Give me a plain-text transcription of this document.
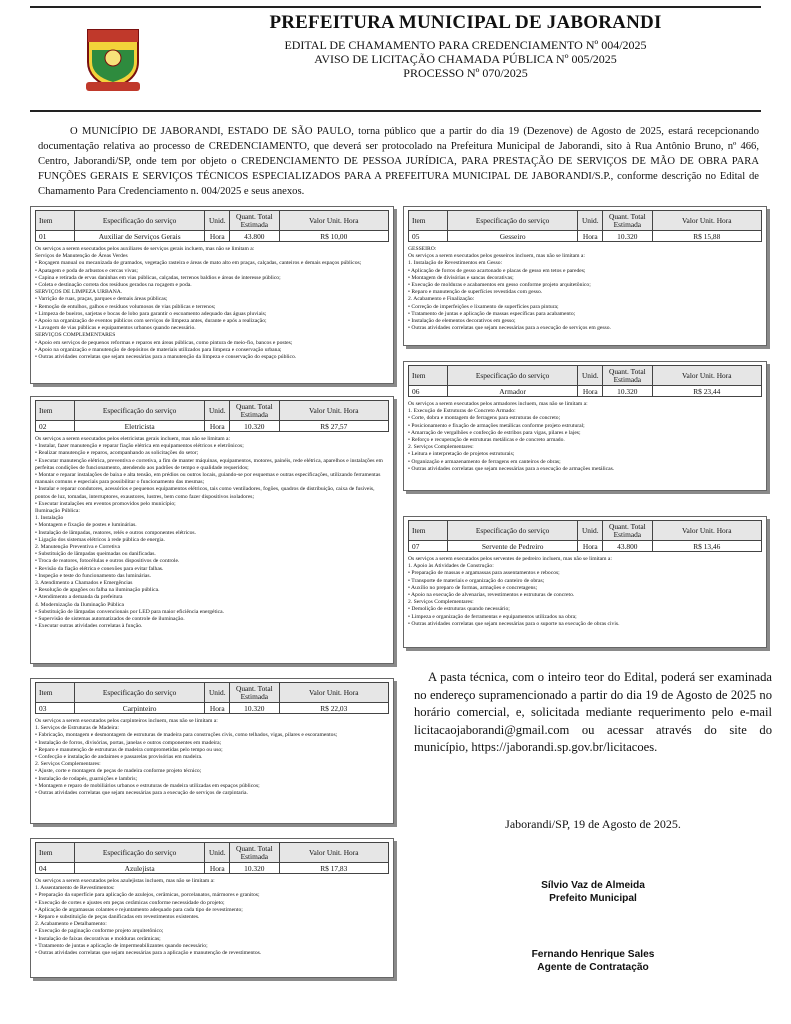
PREFEITURA MUNICIPAL DE JABORANDI
EDITAL DE CHAMAMENTO PARA CREDENCIAMENTO Nº 004/2025
AVISO DE LICITAÇÃO CHAMADA PÚBLICA Nº 005/2025
PROCESSO Nº 070/2025
O MUNICÍPIO DE JABORANDI, ESTADO DE SÃO PAULO, torna público que a partir do dia 19 (Dezenove) de Agosto de 2025, estará recepcionando documentação relativa ao processo de CREDENCIAMENTO, que deverá ser protocolado na Prefeitura Municipal de Jaborandi, sito à Rua Antônio Bruno, nº 466, Centro, Jaborandi/SP, onde tem por objeto o CREDENCIAMENTO DE PESSOA JURÍDICA, PARA PRESTAÇÃO DE SERVIÇOS DE MÃO DE OBRA PARA FUNÇÕES GERAIS E SERVIÇOS TÉCNICOS ESPECIALIZADOS PARA A PREFEITURA MUNICIPAL DE JABORANDI/S.P., conforme descrição no Edital de Chamamento Para Credenciamento n. 004/2025 e seus anexos.
Item	Especificação do serviço	Unid.	Quant. Total Estimada	Valor Unit. Hora
01	Auxiliar de Serviços Gerais	Hora	43.800	R$ 10,00
Os serviços a serem executados pelos auxiliares de serviços gerais incluem, mas não se limitam a:
Serviços de Manutenção de Áreas Verdes
• Roçagem manual ou mecanizada de gramados, vegetação rasteira e áreas de mato alto em praças, calçadas, canteiros e demais espaços públicos;
• Apatagem e poda de arbustos e cercas vivas;
• Capina e retirada de ervas daninhas em vias públicas, calçadas, terrenos baldios e áreas de interesse público;
• Coleta e destinação correta dos resíduos gerados na roçagem e poda.
SERVIÇOS DE LIMPEZA URBANA.
• Varrição de ruas, praças, parques e demais áreas públicas;
• Remoção de entulhos, galhos e resíduos volumosos de vias públicas e terrenos;
• Limpeza de bueiros, sarjetas e bocas de lobo para garantir o escoamento adequado das águas pluviais;
• Apoio na organização de eventos públicos com serviços de limpeza antes, durante e após a realização;
• Lavagem de vias públicas e equipamentos urbanos quando necessário.
SERVIÇOS COMPLEMENTARES
• Apoio em serviços de pequenos reformas e reparos em áreas públicas, como pintura de meio-fio, bancos e postes;
• Apoio na organização e manutenção de depósitos de materiais utilizados para limpeza e conservação urbana;
• Outras atividades correlatas que sejam necessárias para a manutenção da limpeza e conservação do espaço público.
Item	Especificação do serviço	Unid.	Quant. Total Estimada	Valor Unit. Hora
02	Eletricista	Hora	10.320	R$ 27,57
Os serviços a serem executados pelos eletricistas gerais incluem, mas não se limitam a:
• Instalar, fazer manutenção e reparar fiação elétrica em equipamentos elétricos e eletrônicos;
• Realizar manutenção e reparos, acompanhando as solicitações do setor;
• Executar manutenção elétrica, preventiva e corretiva, a fim de manter máquinas, equipamentos, motores, painéis, rede elétrica, aparelhos e instalações em perfeitas condições de funcionamento, atendendo aos padrões de tempo e qualidade requeridos;
• Montar e reparar instalações de baixa e alta tensão, em prédios ou outros locais, guiando-se por esquemas e outras especificações, utilizando ferramentas manuais comuns e especiais para possibilitar o funcionamento das mesmas;
• Instalar e reparar condutores, acessórios e pequenos equipamentos elétricos, tais como ventiladores, fogões, quadros de distribuição, caixa de fusíveis, pontos de luz, tomadas, interruptores, exaustores, lustres, bem como fazer dispositivos isoladores;
• Executar instalações em eventos promovidos pelo município;
Iluminação Pública:
1. Instalação
• Montagem e fixação de postes e luminárias.
• Instalação de lâmpadas, reatores, relés e outros componentes elétricos.
• Ligação dos sistemas elétricos à rede pública de energia.
2. Manutenção Preventiva e Corretiva
• Substituição de lâmpadas queimadas ou danificadas.
• Troca de reatores, fotocélulas e outros dispositivos de controle.
• Revisão da fiação elétrica e conexões para evitar falhas.
• Inspeção e teste do funcionamento das luminárias.
3. Atendimento a Chamados e Emergências
• Resolução de apagões ou falha na iluminação pública.
• Atendimento a demanda da prefeitura
4. Modernização da Iluminação Pública
• Substituição de lâmpadas convencionais por LED para maior eficiência energética.
• Supervisão de sistemas automatizados de controle de iluminação.
• Executar outras atividades correlatas à função.
Item	Especificação do serviço	Unid.	Quant. Total Estimada	Valor Unit. Hora
03	Carpinteiro	Hora	10.320	R$ 22,03
Os serviços a serem executados pelos carpinteiros incluem, mas não se limitam a:
1. Serviços de Estruturas de Madeira:
• Fabricação, montagem e desmontagem de estruturas de madeira para construções civis, como telhados, vigas, pilares e escoramentos;
• Instalação de forros, divisórias, portas, janelas e outros componentes em madeira;
• Reparo e manutenção de estruturas de madeira comprometidas pelo tempo ou uso;
• Confecção e instalação de andaimes e passarelas provisórias em madeira.
2. Serviços Complementares:
• Ajuste, corte e montagem de peças de madeira conforme projeto técnico;
• Instalação de rodapés, guarnições e lambris;
• Montagem e reparo de mobiliários urbanos e estruturas de madeira utilizadas em espaços públicos;
• Outras atividades correlatas que sejam necessárias para a execução de serviços de carpintaria.
Item	Especificação do serviço	Unid.	Quant. Total Estimada	Valor Unit. Hora
04	Azulejista	Hora	10.320	R$ 17,83
Os serviços a serem executados pelos azulejistas incluem, mas não se limitam a:
1. Assentamento de Revestimentos:
• Preparação da superfície para aplicação de azulejos, cerâmicas, porcelanatos, mármores e granitos;
• Execução de cortes e ajustes em peças cerâmicas conforme necessidade do projeto;
• Aplicação de argamassas colantes e rejuntamento adequado para cada tipo de revestimento;
• Reparo e substituição de peças danificadas em revestimentos existentes.
2. Acabamento e Detalhamento:
• Execução de paginação conforme projeto arquitetônico;
• Instalação de faixas decorativas e molduras cerâmicas;
• Tratamento de juntas e aplicação de impermeabilizantes quando necessário;
• Outras atividades correlatas que sejam necessárias para a aplicação e manutenção de revestimentos.
Item	Especificação do serviço	Unid.	Quant. Total Estimada	Valor Unit. Hora
05	Gesseiro	Hora	10.320	R$ 15,88
GESSEIRO:
Os serviços a serem executados pelos gesseiros incluem, mas não se limitam a:
1. Instalação de Revestimentos em Gesso:
• Aplicação de forros de gesso acartonado e placas de gesso em tetos e paredes;
• Montagem de divisórias e sancas decorativas;
• Execução de molduras e acabamentos em gesso conforme projeto arquitetônico;
• Reparo e manutenção de superfícies revestidas com gesso.
2. Acabamento e Finalização:
• Correção de imperfeições e lixamento de superfícies para pintura;
• Tratamento de juntas e aplicação de massas específicas para acabamento;
• Instalação de elementos decorativos em gesso;
• Outras atividades correlatas que sejam necessárias para a execução de serviços em gesso.
Item	Especificação do serviço	Unid.	Quant. Total Estimada	Valor Unit. Hora
06	Armador	Hora	10.320	R$ 23,44
Os serviços a serem executados pelos armadores incluem, mas não se limitam a:
1. Execução de Estruturas de Concreto Armado:
• Corte, dobra e montagem de ferragens para estruturas de concreto;
• Posicionamento e fixação de armações metálicas conforme projeto estrutural;
• Amarração de vergalhões e confecção de estribos para vigas, pilares e lajes;
• Reforço e recuperação de estruturas metálicas e de concreto armado.
2. Serviços Complementares:
• Leitura e interpretação de projetos estruturais;
• Organização e armazenamento de ferragens em canteiros de obras;
• Outras atividades correlatas que sejam necessárias para a execução de armações metálicas.
Item	Especificação do serviço	Unid.	Quant. Total Estimada	Valor Unit. Hora
07	Servente de Pedreiro	Hora	43.800	R$ 13,46
Os serviços a serem executados pelos serventes de pedreiro incluem, mas não se limitam a:
1. Apoio às Atividades de Construção:
• Preparação de massas e argamassas para assentamentos e rebocos;
• Transporte de materiais e organização do canteiro de obras;
• Auxílio no preparo de formas, armações e concretagens;
• Apoio na execução de alvenarias, revestimentos e estruturas de concreto.
2. Serviços Complementares:
• Demolição de estruturas quando necessário;
• Limpeza e organização de ferramentas e equipamentos utilizados na obra;
• Outras atividades correlatas que sejam necessárias para o suporte na execução de obras civis.
A pasta técnica, com o inteiro teor do Edital, poderá ser examinada no endereço supramencionado a partir do dia 19 de Agosto de 2025 no horário comercial, e, solicitada mediante requerimento pelo e-mail licitacaojaborandi@gmail.com ou acessar através do site do município, https://jaborandi.sp.gov.br/licitacoes.
Jaborandi/SP, 19 de Agosto de 2025.
Sílvio Vaz de Almeida
Prefeito Municipal
Fernando Henrique Sales
Agente de Contratação
